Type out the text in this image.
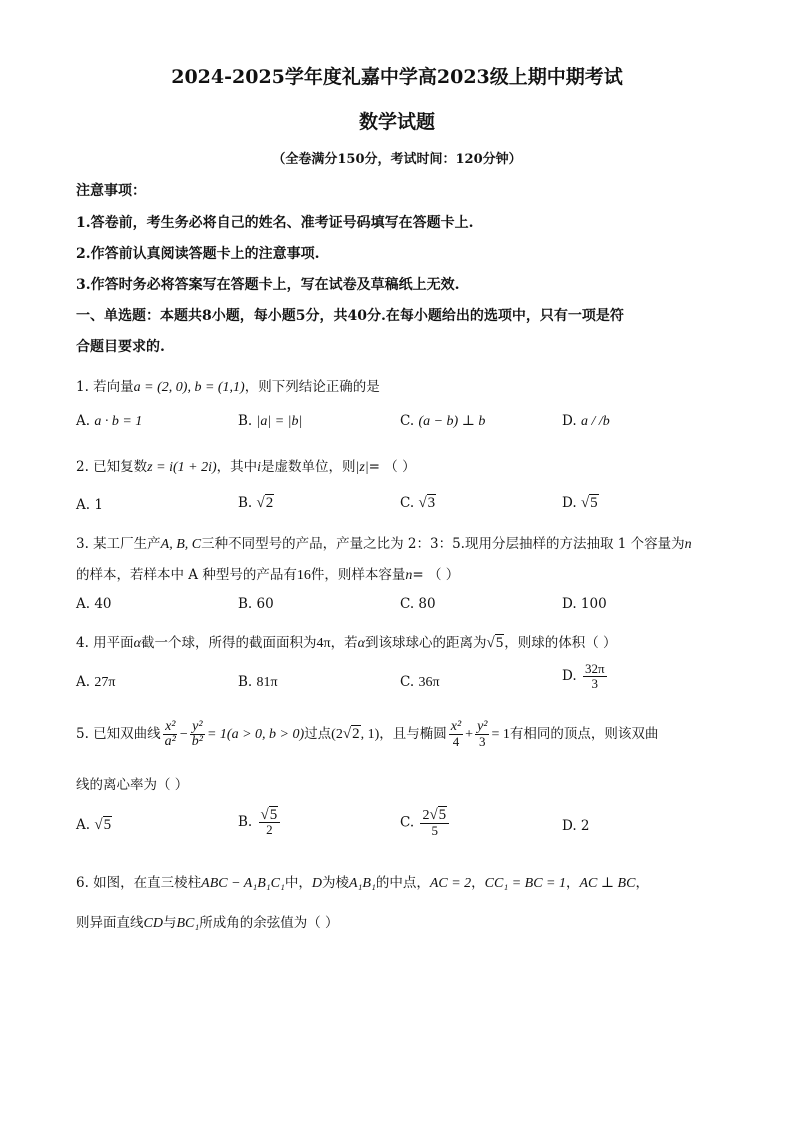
2024-2025学年度礼嘉中学高2023级上期中期考试
数学试题
（全卷满分150分，考试时间：120分钟）
注意事项：
1.答卷前，考生务必将自己的姓名、准考证号码填写在答题卡上.
2.作答前认真阅读答题卡上的注意事项.
3.作答时务必将答案写在答题卡上，写在试卷及草稿纸上无效.
一、单选题：本题共8小题，每小题5分，共40分.在每小题给出的选项中，只有一项是符
合题目要求的.
1. 若向量a = (2, 0), b = (1,1)，则下列结论正确的是
A. a · b = 1	B. |a| = |b|	C. (a − b) ⊥ b	D. a / /b
2. 已知复数z = i(1 + 2i)，其中i是虚数单位，则|z|= （ ）
A. 1	B. √2	C. √3	D. √5
3. 某工厂生产A, B, C三种不同型号的产品，产量之比为 2：3：5.现用分层抽样的方法抽取 1 个容量为n
的样本，若样本中 A 种型号的产品有16件，则样本容量n= （ ）
A. 40	B. 60	C. 80	D. 100
4. 用平面α截一个球，所得的截面面积为4π，若α到该球球心的距离为√5，则球的体积（ ）
A. 27π	B. 81π	C. 36π	D. $\frac{32\pi}{3}$
5. 已知双曲线 $\frac{\text{x²}}{\text{a²}} - \frac{\text{y²}}{\text{b²}} = 1(a > 0$, b > 0)过点(2√2, 1)，且与椭圆 $\frac{\text{x²}}{4} + \frac{\text{y²}}{3} = 1$有相同的顶点，则该双曲
线的离心率为（ ）
A. √5	B. $\frac{√5}{2}$	C. $\frac{2√5}{5}$	D. 2
6. 如图，在直三棱柱ABC − A₁B₁C₁中，D为棱A₁B₁的中点，AC = 2，CC₁ = BC = 1，AC ⊥ BC，
则异面直线CD与BC₁所成角的余弦值为（ ）
